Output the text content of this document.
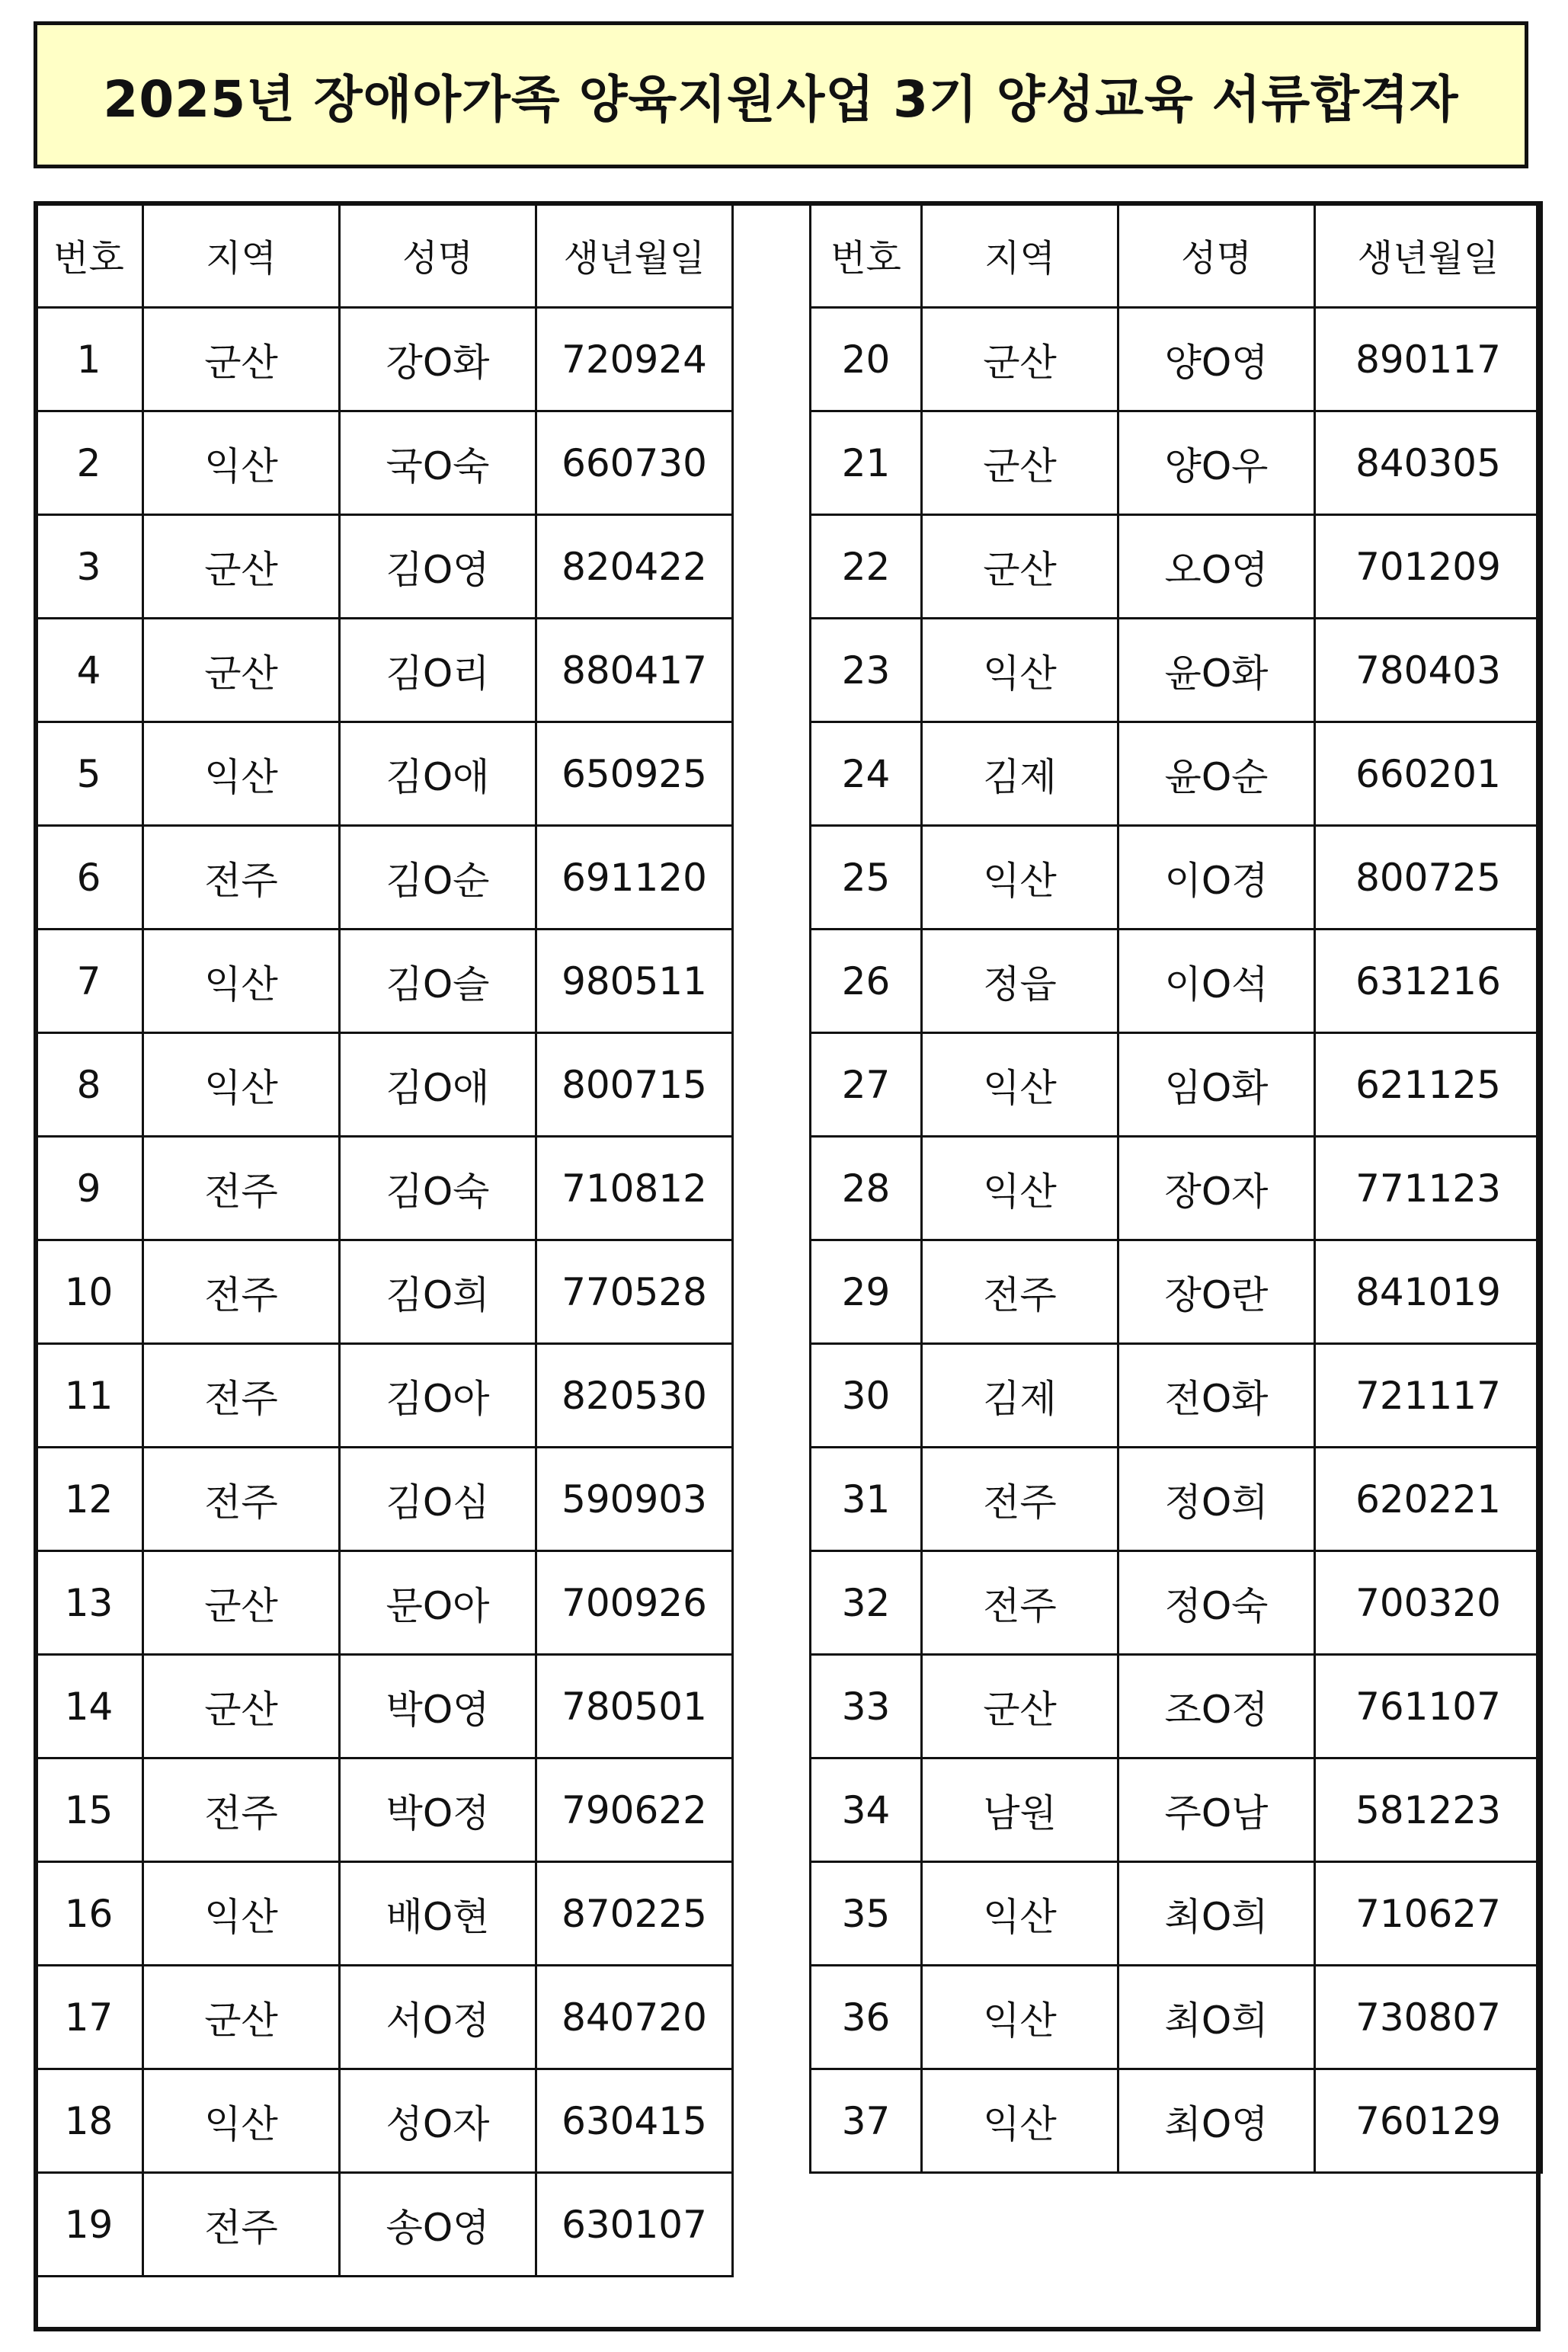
2025년 장애아가족 양육지원사업 3기 양성교육 서류합격자
번호	지역	성명	생년월일
1	군산	강O화	720924
2	익산	국O숙	660730
3	군산	김O영	820422
4	군산	김O리	880417
5	익산	김O애	650925
6	전주	김O순	691120
7	익산	김O슬	980511
8	익산	김O애	800715
9	전주	김O숙	710812
10	전주	김O희	770528
11	전주	김O아	820530
12	전주	김O심	590903
13	군산	문O아	700926
14	군산	박O영	780501
15	전주	박O정	790622
16	익산	배O현	870225
17	군산	서O정	840720
18	익산	성O자	630415
19	전주	송O영	630107
번호	지역	성명	생년월일
20	군산	양O영	890117
21	군산	양O우	840305
22	군산	오O영	701209
23	익산	윤O화	780403
24	김제	윤O순	660201
25	익산	이O경	800725
26	정읍	이O석	631216
27	익산	임O화	621125
28	익산	장O자	771123
29	전주	장O란	841019
30	김제	전O화	721117
31	전주	정O희	620221
32	전주	정O숙	700320
33	군산	조O정	761107
34	남원	주O남	581223
35	익산	최O희	710627
36	익산	최O희	730807
37	익산	최O영	760129
